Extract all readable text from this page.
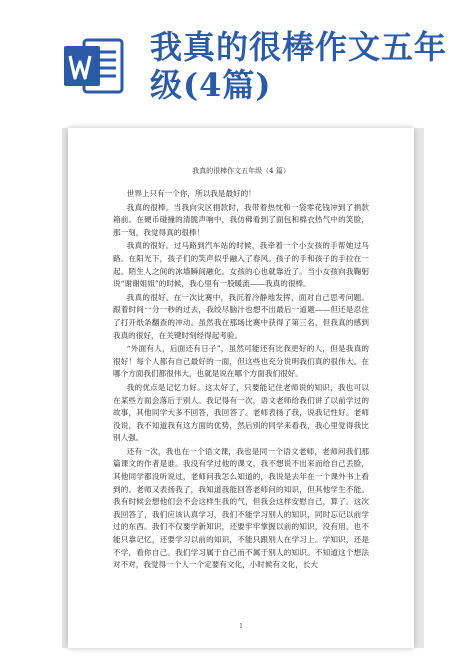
我真的很棒作文五年级(4篇)
我真的很棒作文五年级（4 篇）

世界上只有一个你，所以我是最好的！

我真的很棒。当我向灾区捐款时，我带着热忱和一袋零花钱冲到了捐款箱前。在硬币碰撞的清脆声响中，我仿佛看到了面包和棉衣热气中的笑脸，那一刻，我觉得真的很棒！

我真的很好。过马路到汽车站的时候，我牵着一个小女孩的手帮她过马路。在阳光下，孩子们的笑声似乎融入了春风。孩子的手和孩子的手拉在一起。陌生人之间的冰墙瞬间融化。女孩的心也就靠近了。当小女孩向我鞠躬说“谢谢姐姐”的时候，我心里有一股暖流——我真的很棒。

我真的很好。在一次比赛中，我沉着冷静地发挥，面对自己思考问题。跟着时间一分一秒的过去，我绞尽脑汁也想不出最后一道题——但还是忍住了打开纸条翻查的冲动。虽然我在那场比赛中获得了第三名，但我真的感到我真的很好，在关键时刻经得起考验。

“外面有人，后面还有日子”，虽然可能还有比我更好的人，但是我真的很好！每个人都有自己最好的一面，但这些也充分说明我们真的很伟大。在哪个方面我们都很伟大，也就是说在哪个方面我们很好。

我的优点是记忆力好。这太好了，只要能记住老师说的知识，我也可以在某些方面会落后于别人。我记得有一次，语文老师给我们讲了以前学过的故事，其他同学大多不回答，我回答了。老师表扬了我，说我记性好。老师没说，我不知道我有这方面的优势，然后别的同学来看我，我心里觉得我比别人强。

还有一次，我也在一个语文课，我也是同一个语文老师，老师问我们那篇课文的作者是谁。我没有学过他的课文，我不想说不出来而给自己丢脸，其他同学都没听说过，老师问我怎么知道的，我说是去年在一个课外书上看到的。老师又表扬我了，我知道我能回答老师问的知识，但其他学生不能。我有时候会想他们会不会这样生我的气，但我会这样安慰自己，算了。这次我回答了，我们应该认真学习，我们不能学习别人的知识，同时忘记以前学过的东西。我们不仅要学新知识，还要牢牢掌握以前的知识，没有用，也不能只靠记忆，还要学习以前的知识，不能只跟别人在学习上。学知识，还是不学，看你自己。我们学习属于自己而不属于别人的知识。不知道这个想法对不对，我觉得一个人一个定要有文化，小时候有文化，长大

1
